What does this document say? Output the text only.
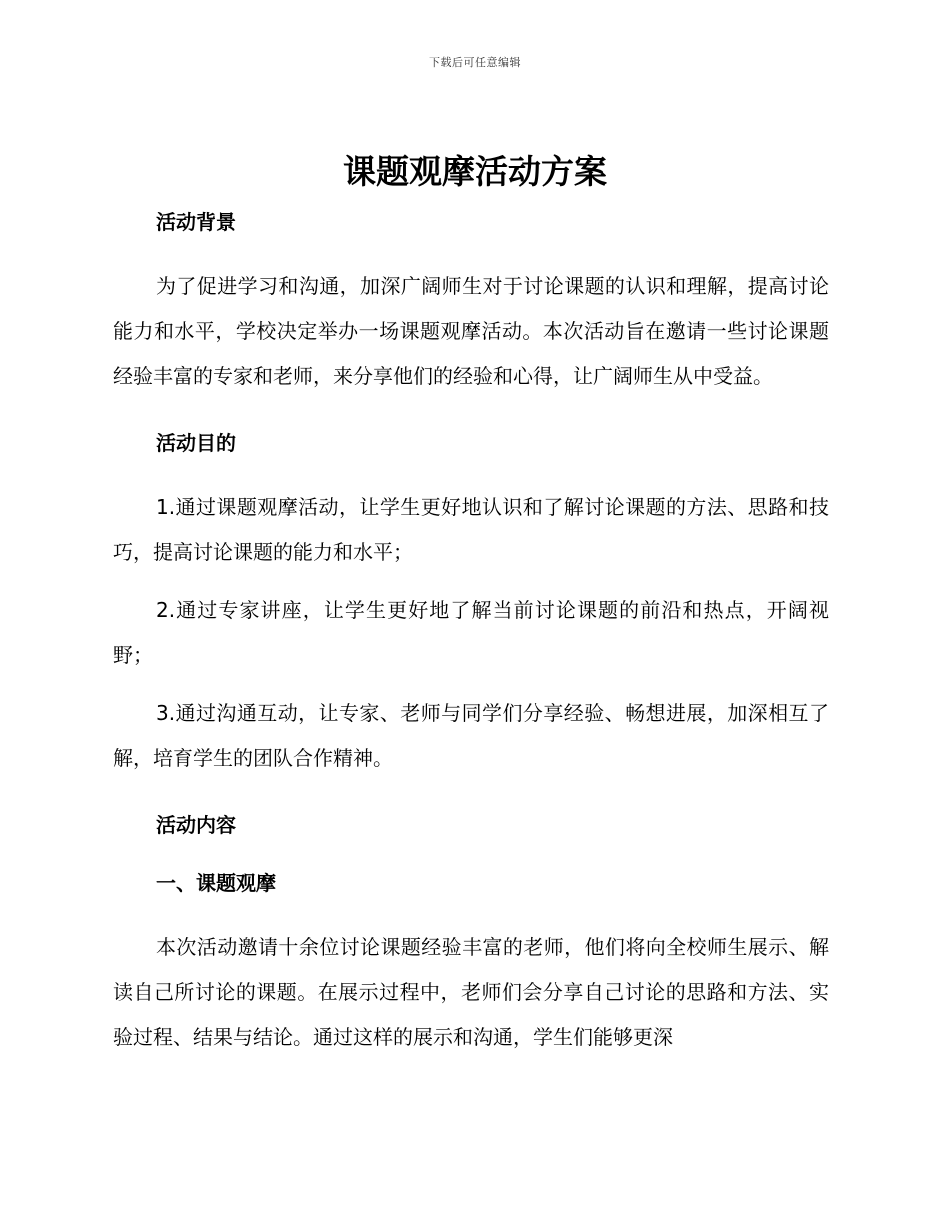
下载后可任意编辑
课题观摩活动方案

活动背景

为了促进学习和沟通，加深广阔师生对于讨论课题的认识和理解，提高讨论能力和水平，学校决定举办一场课题观摩活动。本次活动旨在邀请一些讨论课题经验丰富的专家和老师，来分享他们的经验和心得，让广阔师生从中受益。

活动目的

1.通过课题观摩活动，让学生更好地认识和了解讨论课题的方法、思路和技巧，提高讨论课题的能力和水平；

2.通过专家讲座，让学生更好地了解当前讨论课题的前沿和热点，开阔视野；

3.通过沟通互动，让专家、老师与同学们分享经验、畅想进展，加深相互了解，培育学生的团队合作精神。

活动内容

一、课题观摩

本次活动邀请十余位讨论课题经验丰富的老师，他们将向全校师生展示、解读自己所讨论的课题。在展示过程中，老师们会分享自己讨论的思路和方法、实验过程、结果与结论。通过这样的展示和沟通，学生们能够更深
